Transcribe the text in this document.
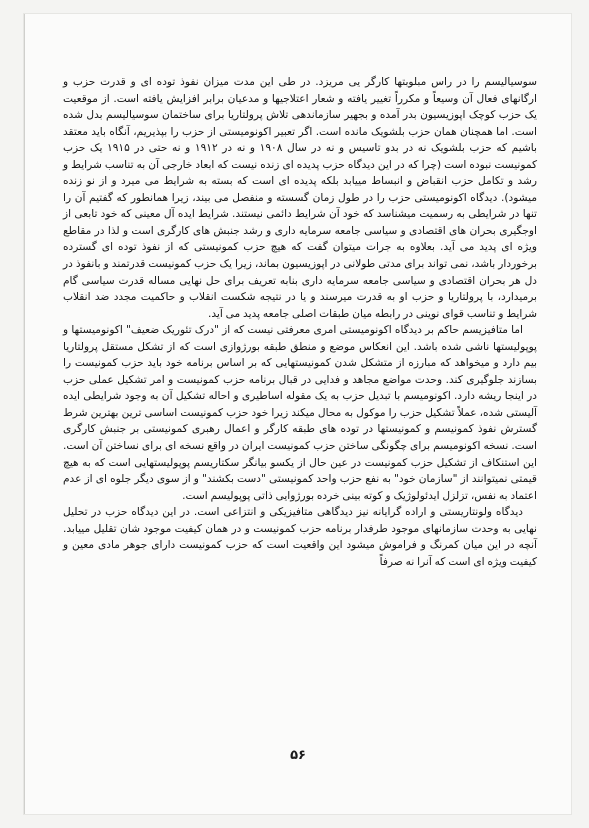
سوسیالیسم را در راس مبلوبتها کارگر یی مریزد. در طی این مدت میزان نفوذ توده ای و قدرت حزب و ارگانهای فعال آن وسیعاً و مکرراً تغییر یافته و شعار اعتلاجیها و مدعیان برابر افزایش یافته است. از موقعیت یک حزب کوچک اپوزیسیون بدر آمده و بجهیر سازماندهی تلاش پرولتاریا برای ساختمان سوسیالیسم بدل شده است. اما همچنان همان حزب بلشویک مانده است. اگر تعبیر اکونومیستی از حزب را بپذیریم، آنگاه باید معتقد باشیم که حزب بلشویک نه در بدو تاسیس و نه در سال ۱۹۰۸ و نه در ۱۹۱۲ و نه حتی در ۱۹۱۵ یک حزب کمونیست نبوده است (چرا که در این دیدگاه حزب پدیده ای زنده نیست که ابعاد خارجی آن به تناسب شرایط و رشد و تکامل حزب انقباض و انبساط مییابد بلکه پدیده ای است که بسته به شرایط می میرد و از نو زنده میشود). دیدگاه اکونومیستی حزب را در طول زمان گسسته و منفصل می بیند، زیرا همانطور که گفتیم آن را تنها در شرایطی به رسمیت میشناسد که خود آن شرایط دائمی نیستند. شرایط ایده آل معینی که خود تابعی از اوجگیری بحران های اقتصادی و سیاسی جامعه سرمایه داری و رشد جنبش های کارگری است و لذا در مقاطع ویژه ای پدید می آید. بعلاوه به جرات میتوان گفت که هیچ حزب کمونیستی که از نفوذ توده ای گسترده برخوردار باشد، نمی تواند برای مدتی طولانی در اپوزیسیون بماند، زیرا یک حزب کمونیست قدرتمند و بانفوذ در دل هر بحران اقتصادی و سیاسی جامعه سرمایه داری بنابه تعریف برای حل نهایی مساله قدرت سیاسی گام برمیدارد، با پرولتاریا و حزب او به قدرت میرسند و یا در نتیجه شکست انقلاب و حاکمیت مجدد ضد انقلاب شرایط و تناسب قوای نوینی در رابطه میان طبقات اصلی جامعه پدید می آید.

اما متافیزیسم حاکم بر دیدگاه اکونومیستی امری معرفتی نیست که از "درک تئوریک ضعیف" اکونومیستها و پوپولیستها ناشی شده باشد. این انعکاس موضع و منطق طبقه بورژوازی است که از تشکل مستقل پرولتاریا بیم دارد و میخواهد که مبارزه از متشکل شدن کمونیستهایی که بر اساس برنامه خود باید حزب کمونیست را بسازند جلوگیری کند. وحدت مواضع مجاهد و فدایی در قبال برنامه حزب کمونیست و امر تشکیل عملی حزب در اینجا ریشه دارد. اکونومیسم با تبدیل حزب به یک مقوله اساطیری و احاله تشکیل آن به وجود شرایطی ایده آلیستی شده، عملاً تشکیل حزب را موکول به محال میکند زیرا خود حزب کمونیست اساسی ترین بهترین شرط گسترش نفوذ کمونیسم و کمونیستها در توده های طبقه کارگر و اعمال رهبری کمونیستی بر جنبش کارگری است. نسخه اکونومیسم برای چگونگی ساختن حزب کمونیست ایران در واقع نسخه ای برای نساختن آن است. این استنکاف از تشکیل حزب کمونیست در عین حال از یکسو بیانگر سکتاریسم پوپولیستهایی است که به هیچ قیمتی نمیتوانند از "سازمان خود" به نفع حزب واحد کمونیستی "دست بکشند" و از سوی دیگر جلوه ای از عدم اعتماد به نفس، تزلزل ایدئولوژیک و کوته بینی خرده بورژوایی ذاتی پوپولیسم است.

دیدگاه ولونتاریستی و اراده گرایانه نیز دیدگاهی متافیزیکی و انتزاعی است. در این دیدگاه حزب در تحلیل نهایی به وحدت سازمانهای موجود طرفدار برنامه حزب کمونیست و در همان کیفیت موجود شان تقلیل مییابد. آنچه در این میان کمرنگ و فراموش میشود این واقعیت است که حزب کمونیست دارای جوهر مادی معین و کیفیت ویژه ای است که آنرا نه صرفاً

۵۶
